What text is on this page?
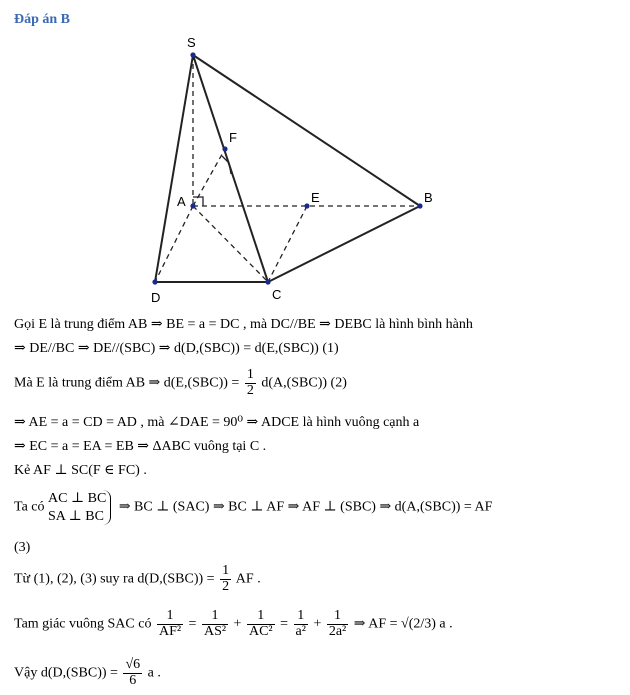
Đáp án B
S
F
A	E	B
D	C
Gọi E là trung điểm AB ⇒ BE = a = DC , mà DC//BE ⇒ DEBC là hình bình hành
⇒ DE//BC ⇒ DE//(SBC) ⇒ d(D,(SBC)) = d(E,(SBC)) (1)
Mà E là trung điểm AB ⇒ $d(E,(SBC)) = \frac{1}{2} d(A,(SBC))$ (2)
⇒ AE = a = CD = AD , mà ∠DAE = 90⁰ ⇒ ADCE là hình vuông cạnh a
⇒ EC = a = EA = EB ⇒ ΔABC vuông tại C .
Kẻ AF ⊥ SC(F ∈ FC) .
Ta có
AC ⊥ BC
SA ⊥ BC
⇒ BC ⊥ (SAC) ⇒ BC ⊥ AF ⇒ AF ⊥ (SBC) ⇒ d(A,(SBC)) = AF
(3)
Từ (1), (2), (3) suy ra $d(D,(SBC)) = \frac{1}{2}$ AF .
Tam giác vuông SAC có $\frac{1}{\text{AF²}} = \frac{1}{\text{AS²}} + \frac{1}{\text{AC²}} = \frac{1}{\text{a²}} + \frac{1}{\text{2a²}}$ ⇒ AF = √(2/3) a .
Vậy $d(D,(SBC)) = \frac{√6}{6}$ a .
